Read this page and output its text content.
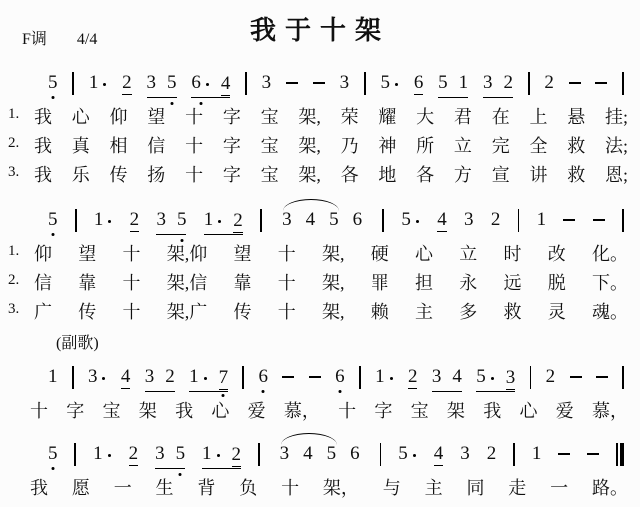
我于十架
F调 4/4
5 1 2 3 5 6 4 3	3 5 6 5 1 3 2 2
1. 我 心 仰 望 十 字 宝 架, 荣 耀 大 君 在 上 悬 挂;
2. 我 真 相 信 十 字 宝 架, 乃 神 所 立 完 全 救 法;
3. 我 乐 传 扬 十 字 宝 架, 各 地 各 方 宣 讲 救 恩;
5 1 2 3 5 1 2 3 4 5 6 5 4 3 2 1
1. 仰 望 十 架,仰 望 十 架, 硬 心 立 时 改 化。
2. 信 靠 十 架,信 靠 十 架, 罪 担 永 远 脱 下。
3. 广 传 十 架,广 传 十 架, 赖 主 多 救 灵 魂。
(副歌)
1 3 4 3 2 1 7 6	6 1 2 3 4 5 3 2
十 字 宝 架 我 心 爱 慕， 十 字 宝 架 我 心 爱 慕，
5 1 2 3 5 1 2 3 4 5 6 5 4 3 2 1
我 愿 一 生 背 负 十 架， 与 主 同 走 一 路。
